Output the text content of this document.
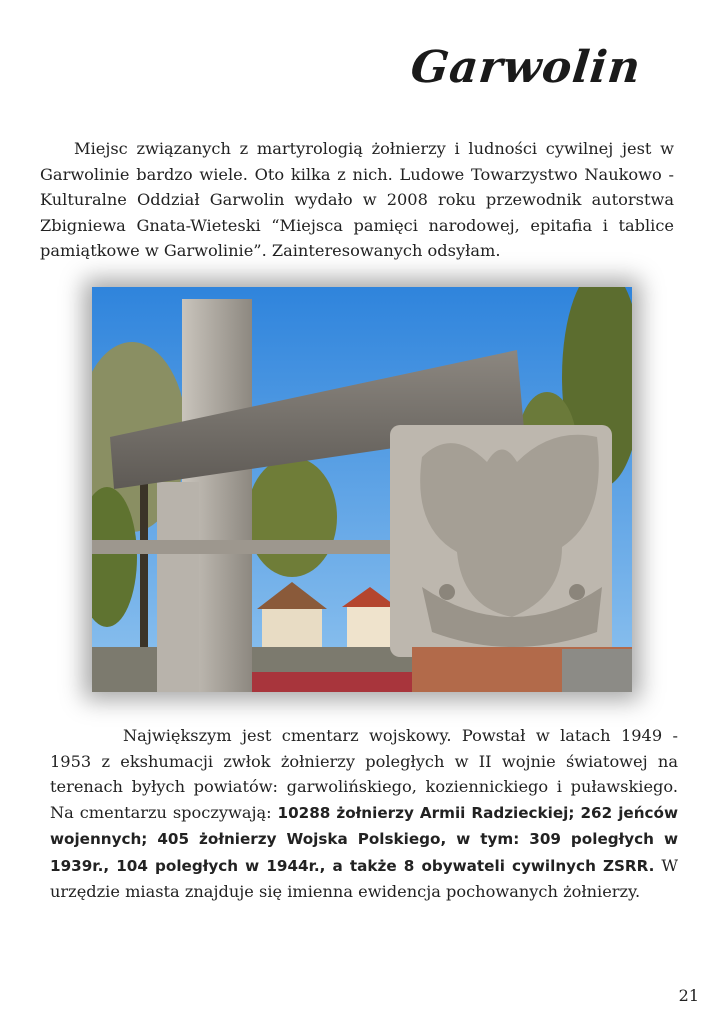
Garwolin

Miejsc związanych z martyrologią żołnierzy i ludności cywilnej jest w Garwolinie bardzo wiele. Oto kilka z nich. Ludowe Towarzystwo Naukowo - Kulturalne Oddział Garwolin wydało w 2008 roku przewodnik autorstwa Zbigniewa Gnata-Wieteski “Miejsca pamięci narodowej, epitafia i tablice pamiątkowe w Garwolinie”. Zainteresowanych odsyłam.

Największym jest cmentarz wojskowy. Powstał w latach 1949 - 1953 z ekshumacji zwłok żołnierzy poległych w II wojnie światowej na terenach byłych powiatów: garwolińskiego, koziennickiego i puławskiego. Na cmentarzu spoczywają: 10288 żołnierzy Armii Radzieckiej; 262 jeńców wojennych; 405 żołnierzy Wojska Polskiego, w tym: 309 poległych w 1939r., 104 poległych w 1944r., a także 8 obywateli cywilnych ZSRR. W urzędzie miasta znajduje się imienna ewidencja pochowanych żołnierzy.

21
